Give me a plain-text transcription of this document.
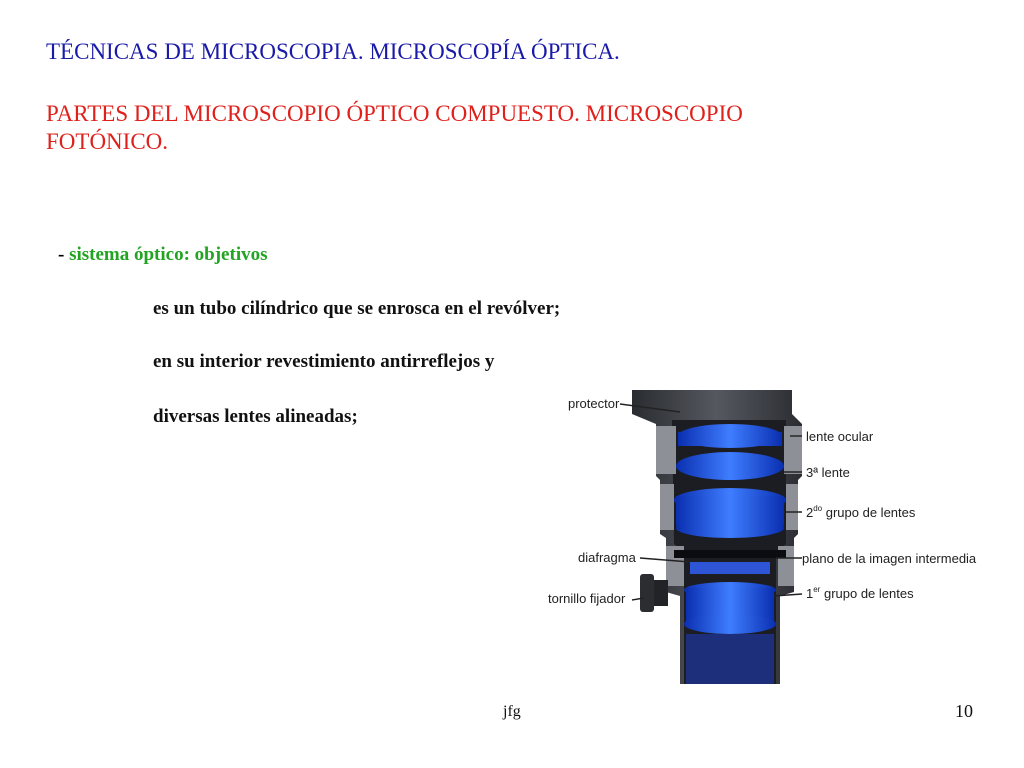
TÉCNICAS DE MICROSCOPIA. MICROSCOPÍA ÓPTICA.
PARTES DEL MICROSCOPIO ÓPTICO COMPUESTO. MICROSCOPIO FOTÓNICO.
- sistema óptico: objetivos
es un tubo cilíndrico que se enrosca en el revólver;
en su interior revestimiento antirreflejos y
diversas lentes alineadas;
protector
lente ocular
3ª lente
$2^{do}$ grupo de lentes
diafragma	plano de la imagen intermedia
tornillo fijador	1er grupo de lentes
jfg	10
